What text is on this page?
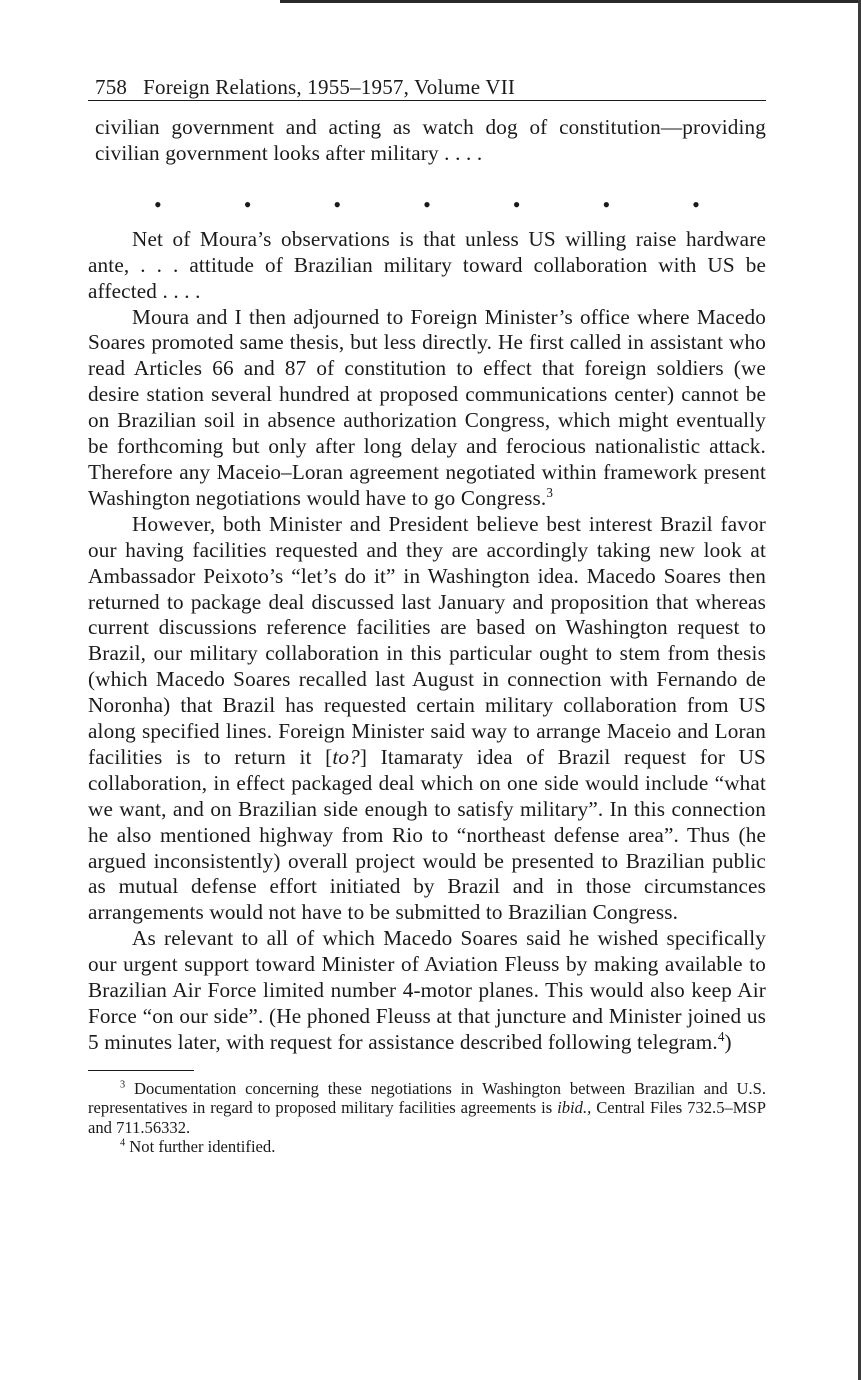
758 Foreign Relations, 1955–1957, Volume VII

civilian government and acting as watch dog of constitution—providing civilian government looks after military . . . .

•	•	•	•	•	•	•

Net of Moura’s observations is that unless US willing raise hardware ante, . . . attitude of Brazilian military toward collaboration with US be affected . . . .

Moura and I then adjourned to Foreign Minister’s office where Macedo Soares promoted same thesis, but less directly. He first called in assistant who read Articles 66 and 87 of constitution to effect that foreign soldiers (we desire station several hundred at proposed communications center) cannot be on Brazilian soil in absence authorization Congress, which might eventually be forthcoming but only after long delay and ferocious nationalistic attack. Therefore any Maceio–Loran agreement negotiated within framework present Washington negotiations would have to go Congress.$^3$

However, both Minister and President believe best interest Brazil favor our having facilities requested and they are accordingly taking new look at Ambassador Peixoto’s “let’s do it” in Washington idea. Macedo Soares then returned to package deal discussed last January and proposition that whereas current discussions reference facilities are based on Washington request to Brazil, our military collaboration in this particular ought to stem from thesis (which Macedo Soares recalled last August in connection with Fernando de Noronha) that Brazil has requested certain military collaboration from US along specified lines. Foreign Minister said way to arrange Maceio and Loran facilities is to return it [to?] Itamaraty idea of Brazil request for US collaboration, in effect packaged deal which on one side would include “what we want, and on Brazilian side enough to satisfy military”. In this connection he also mentioned highway from Rio to “northeast defense area”. Thus (he argued inconsistently) overall project would be presented to Brazilian public as mutual defense effort initiated by Brazil and in those circumstances arrangements would not have to be submitted to Brazilian Congress.

As relevant to all of which Macedo Soares said he wished specifically our urgent support toward Minister of Aviation Fleuss by making available to Brazilian Air Force limited number 4-motor planes. This would also keep Air Force “on our side”. (He phoned Fleuss at that juncture and Minister joined us 5 minutes later, with request for assistance described following telegram.$^4$)

$^3$ Documentation concerning these negotiations in Washington between Brazilian and U.S. representatives in regard to proposed military facilities agreements is ibid., Central Files 732.5–MSP and 711.56332.

$^4$ Not further identified.
